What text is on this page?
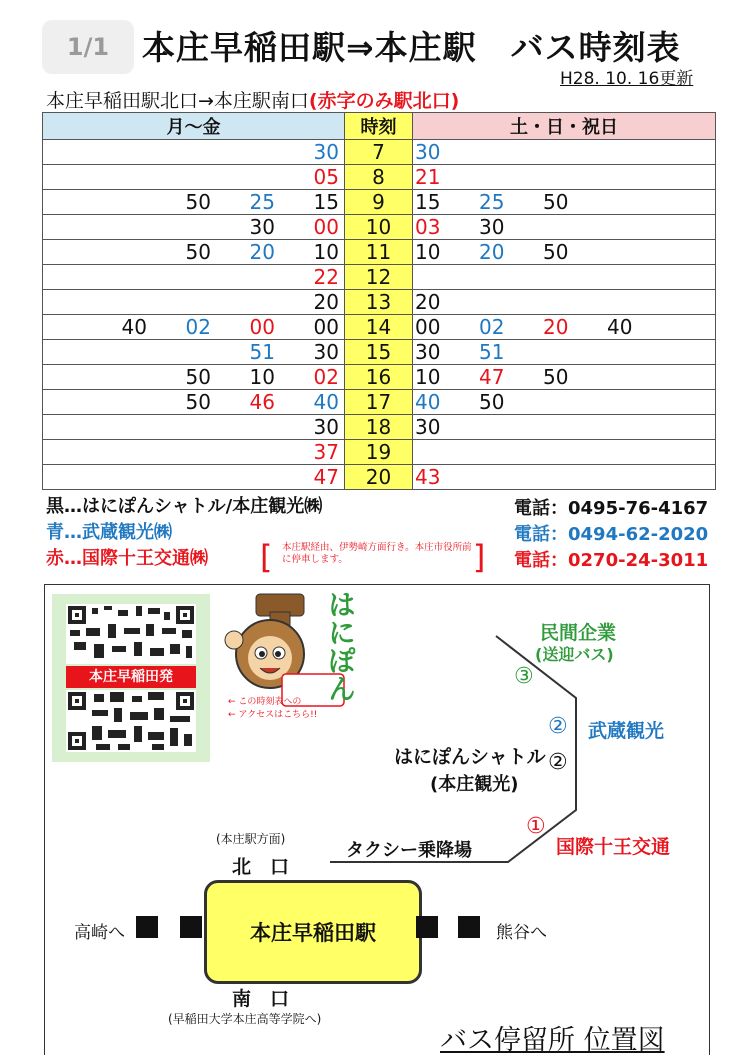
1/1 本庄早稲田駅⇒本庄駅　バス時刻表
H28. 10. 16更新
本庄早稲田駅北口→本庄駅南口(赤字のみ駅北口)
月～金	時刻	土・日・祝日

30	7	30

05	8	21

50 25 15	9	15 25 50

30 00	10	03 30

50 20 10	11	10 20 50

22	12	

20	13	20

40 02 00 00	14	00 02 20 40

51 30	15	30 51

50 10 02	16	10 47 50

50 46 40	17	40 50

30	18	30

37	19	

47	20	43
黒…はにぽんシャトル/本庄観光㈱
青…武蔵観光㈱
赤…国際十王交通㈱ [	]
本庄駅経由、伊勢崎方面行き。本庄市役所前に停車します。
電話：0495-76-4167
電話：0494-62-2020
電話：0270-24-3011
本庄早稲田発	はにぽん
← この時刻表への
← アクセスはこちら!!
民間企業
(送迎バス)
③
② 武蔵観光
はにぽんシャトル ②
(本庄観光)
①
国際十王交通
タクシー乗降場
(本庄駅方面)
北　口
本庄早稲田駅
高崎へ	熊谷へ
南　口
(早稲田大学本庄高等学院へ)
バス停留所 位置図
